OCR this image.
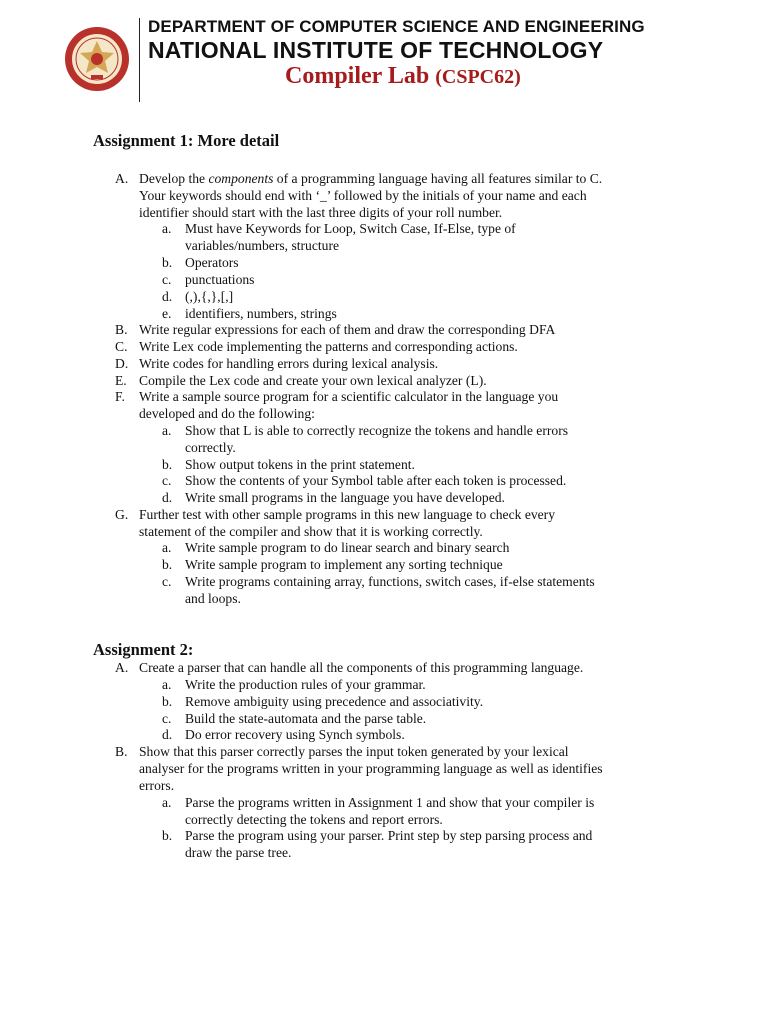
DEPARTMENT OF COMPUTER SCIENCE AND ENGINEERING
NATIONAL INSTITUTE OF TECHNOLOGY
Compiler Lab (CSPC62)
Assignment 1: More detail
A. Develop the components of a programming language having all features similar to C.
Your keywords should end with ‘_’ followed by the initials of your name and each
identifier should start with the last three digits of your roll number.
a. Must have Keywords for Loop, Switch Case, If-Else, type of
variables/numbers, structure
b. Operators
c. punctuations
d. (,),{,},[,]
e. identifiers, numbers, strings
B. Write regular expressions for each of them and draw the corresponding DFA
C. Write Lex code implementing the patterns and corresponding actions.
D. Write codes for handling errors during lexical analysis.
E. Compile the Lex code and create your own lexical analyzer (L).
F. Write a sample source program for a scientific calculator in the language you
developed and do the following:
a. Show that L is able to correctly recognize the tokens and handle errors
correctly.
b. Show output tokens in the print statement.
c. Show the contents of your Symbol table after each token is processed.
d. Write small programs in the language you have developed.
G. Further test with other sample programs in this new language to check every
statement of the compiler and show that it is working correctly.
a. Write sample program to do linear search and binary search
b. Write sample program to implement any sorting technique
c. Write programs containing array, functions, switch cases, if-else statements
and loops.
Assignment 2:
A. Create a parser that can handle all the components of this programming language.
a. Write the production rules of your grammar.
b. Remove ambiguity using precedence and associativity.
c. Build the state-automata and the parse table.
d. Do error recovery using Synch symbols.
B. Show that this parser correctly parses the input token generated by your lexical
analyser for the programs written in your programming language as well as identifies
errors.
a. Parse the programs written in Assignment 1 and show that your compiler is
correctly detecting the tokens and report errors.
b. Parse the program using your parser. Print step by step parsing process and
draw the parse tree.
